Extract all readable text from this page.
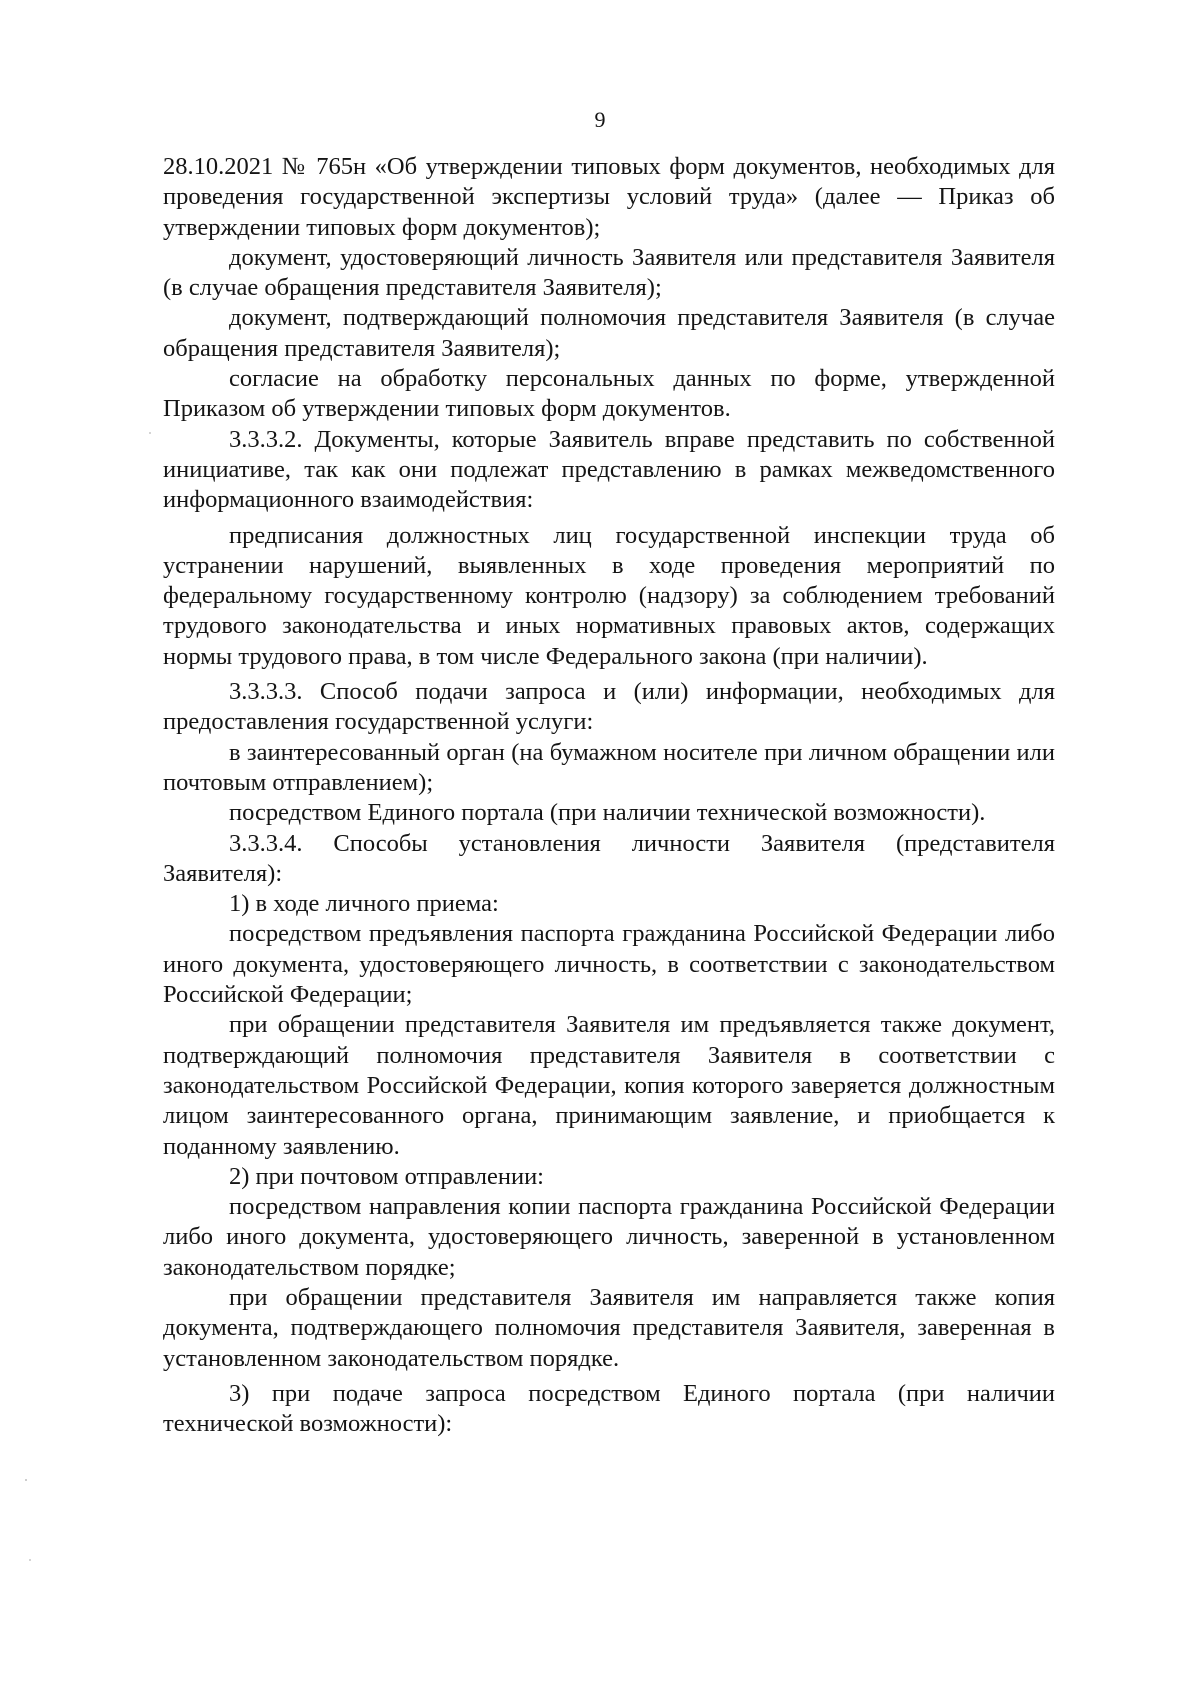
9

28.10.2021 № 765н «Об утверждении типовых форм документов, необходимых для проведения государственной экспертизы условий труда» (далее — Приказ об утверждении типовых форм документов);

документ, удостоверяющий личность Заявителя или представителя Заявителя (в случае обращения представителя Заявителя);

документ, подтверждающий полномочия представителя Заявителя (в случае обращения представителя Заявителя);

согласие на обработку персональных данных по форме, утвержденной Приказом об утверждении типовых форм документов.

3.3.3.2. Документы, которые Заявитель вправе представить по собственной инициативе, так как они подлежат представлению в рамках межведомственного информационного взаимодействия:

предписания должностных лиц государственной инспекции труда об устранении нарушений, выявленных в ходе проведения мероприятий по федеральному государственному контролю (надзору) за соблюдением требований трудового законодательства и иных нормативных правовых актов, содержащих нормы трудового права, в том числе Федерального закона (при наличии).

3.3.3.3. Способ подачи запроса и (или) информации, необходимых для предоставления государственной услуги:

в заинтересованный орган (на бумажном носителе при личном обращении или почтовым отправлением);

посредством Единого портала (при наличии технической возможности).

3.3.3.4. Способы установления личности Заявителя (представителя Заявителя):

1) в ходе личного приема:

посредством предъявления паспорта гражданина Российской Федерации либо иного документа, удостоверяющего личность, в соответствии с законодательством Российской Федерации;

при обращении представителя Заявителя им предъявляется также документ, подтверждающий полномочия представителя Заявителя в соответствии с законодательством Российской Федерации, копия которого заверяется должностным лицом заинтересованного органа, принимающим заявление, и приобщается к поданному заявлению.

2) при почтовом отправлении:

посредством направления копии паспорта гражданина Российской Федерации либо иного документа, удостоверяющего личность, заверенной в установленном законодательством порядке;

при обращении представителя Заявителя им направляется также копия документа, подтверждающего полномочия представителя Заявителя, заверенная в установленном законодательством порядке.

3) при подаче запроса посредством Единого портала (при наличии технической возможности):
